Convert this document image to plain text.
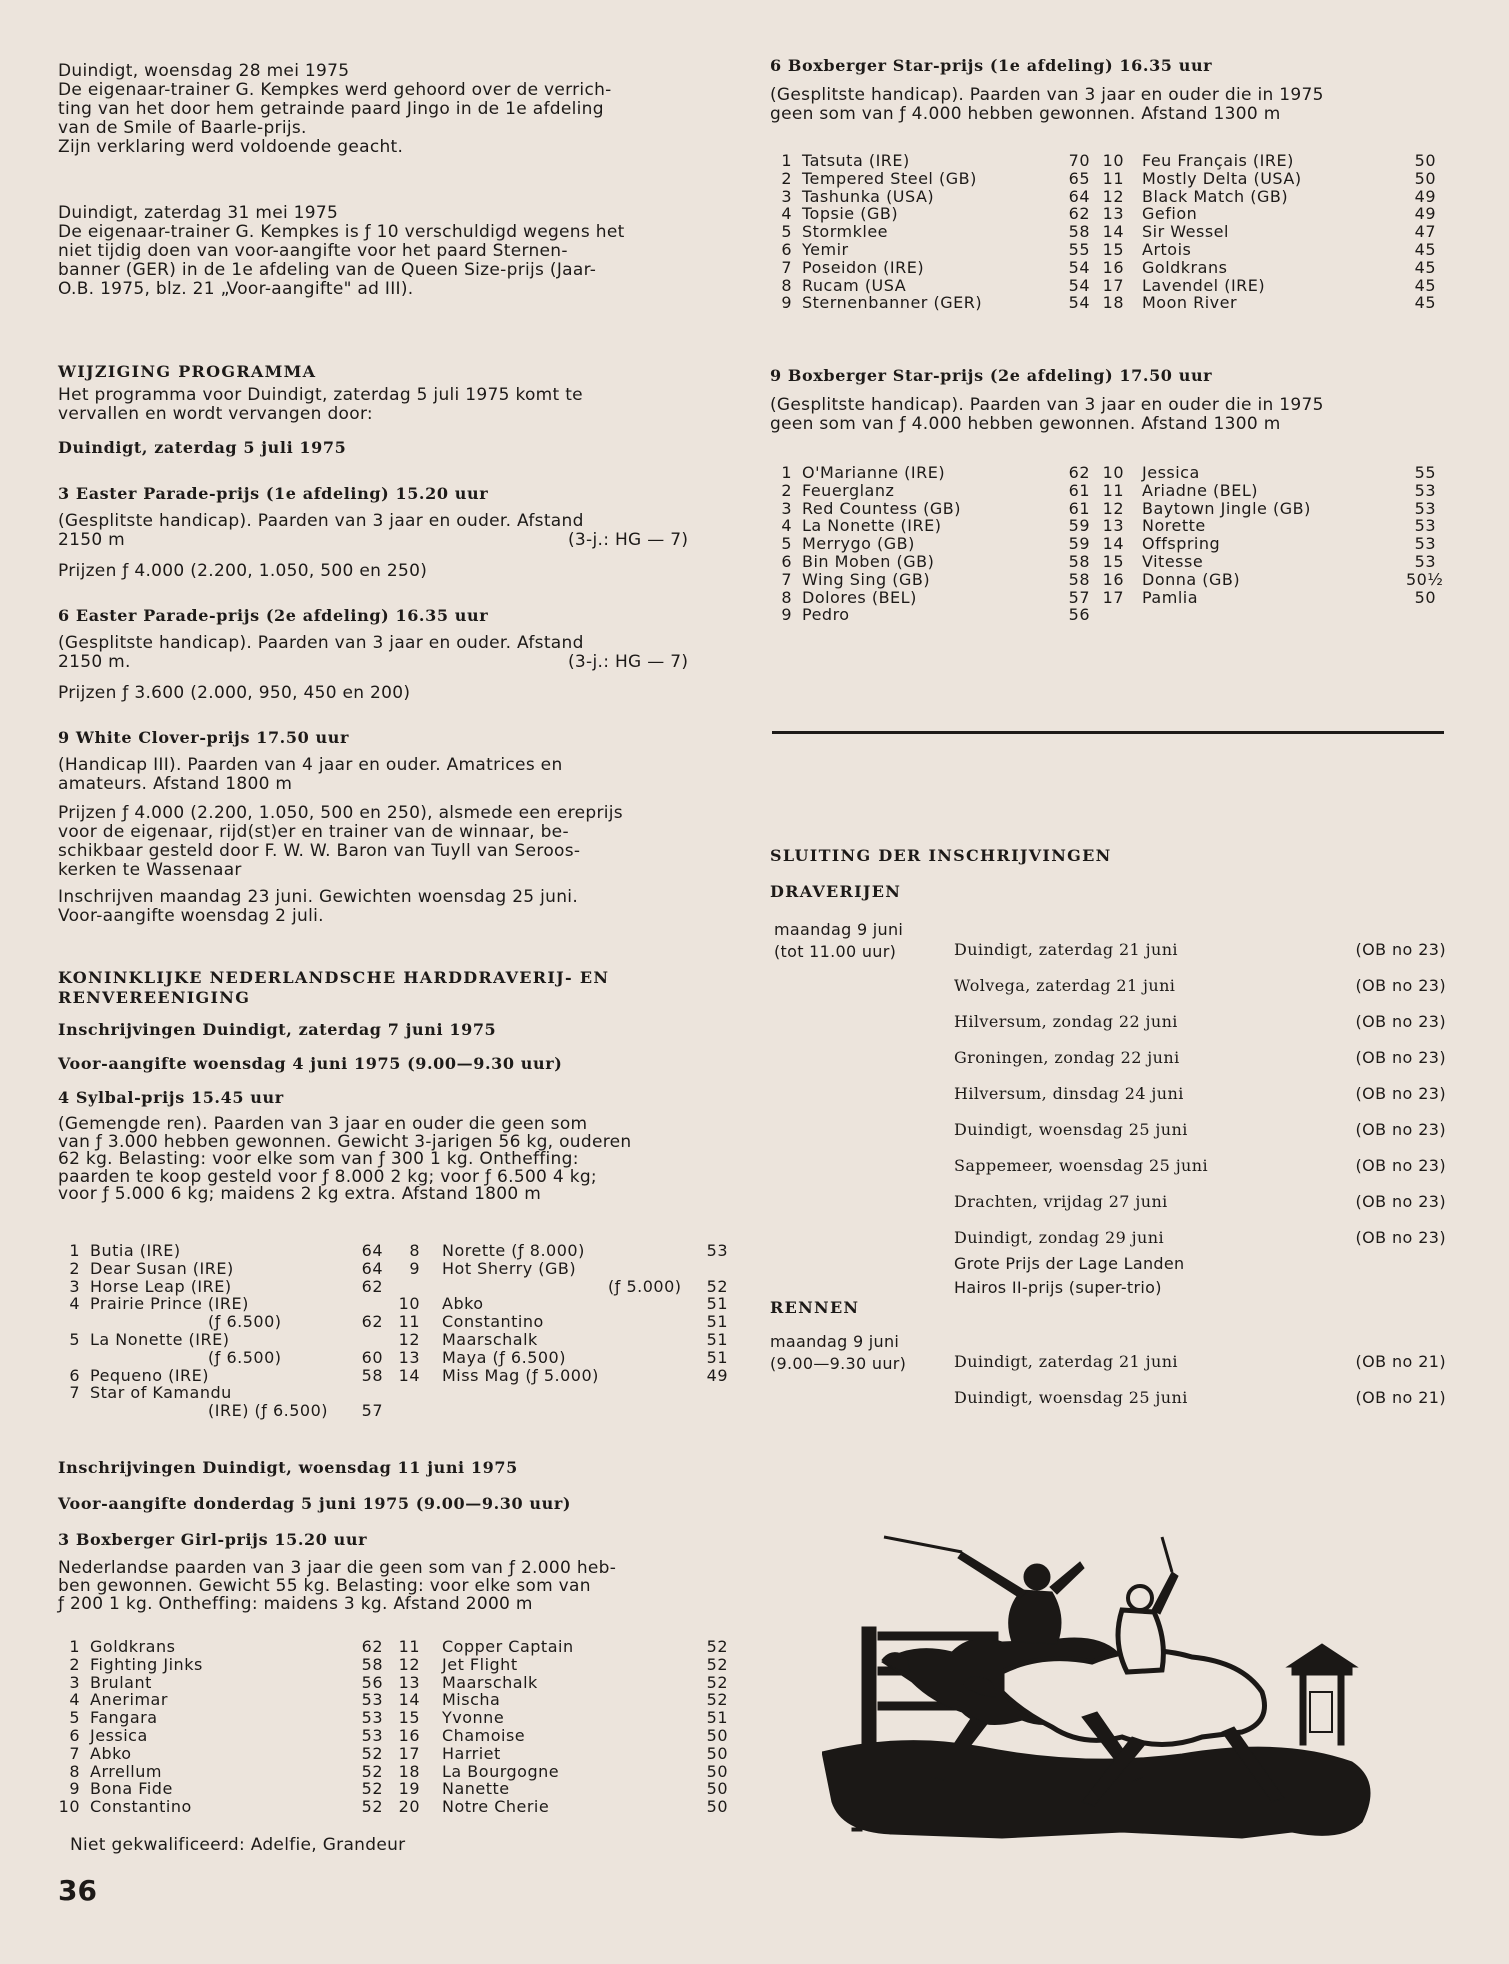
Duindigt, woensdag 28 mei 1975

De eigenaar-trainer G. Kempkes werd gehoord over de verrich-

ting van het door hem getrainde paard Jingo in de 1e afdeling

van de Smile of Baarle-prijs.

Zijn verklaring werd voldoende geacht.

Duindigt, zaterdag 31 mei 1975

De eigenaar-trainer G. Kempkes is ƒ 10 verschuldigd wegens het

niet tijdig doen van voor-aangifte voor het paard Sternen-

banner (GER) in de 1e afdeling van de Queen Size-prijs (Jaar-

O.B. 1975, blz. 21 „Voor-aangifte" ad III).

WIJZIGING PROGRAMMA

Het programma voor Duindigt, zaterdag 5 juli 1975 komt te

vervallen en wordt vervangen door:

Duindigt, zaterdag 5 juli 1975
3 Easter Parade-prijs (1e afdeling) 15.20 uur

(Gesplitste handicap). Paarden van 3 jaar en ouder. Afstand

2150 m	(3-j.: HG — 7)

Prijzen ƒ 4.000 (2.200, 1.050, 500 en 250)

6 Easter Parade-prijs (2e afdeling) 16.35 uur

(Gesplitste handicap). Paarden van 3 jaar en ouder. Afstand

2150 m.	(3-j.: HG — 7)

Prijzen ƒ 3.600 (2.000, 950, 450 en 200)

9 White Clover-prijs 17.50 uur

(Handicap III). Paarden van 4 jaar en ouder. Amatrices en

amateurs. Afstand 1800 m

Prijzen ƒ 4.000 (2.200, 1.050, 500 en 250), alsmede een ereprijs

voor de eigenaar, rijd(st)er en trainer van de winnaar, be-

schikbaar gesteld door F. W. W. Baron van Tuyll van Seroos-

kerken te Wassenaar

Inschrijven maandag 23 juni. Gewichten woensdag 25 juni.

Voor-aangifte woensdag 2 juli.

KONINKLIJKE NEDERLANDSCHE HARDDRAVERIJ- EN
RENVEREENIGING
Inschrijvingen Duindigt, zaterdag 7 juni 1975
Voor-aangifte woensdag 4 juni 1975 (9.00—9.30 uur)
4 Sylbal-prijs 15.45 uur

(Gemengde ren). Paarden van 3 jaar en ouder die geen som

van ƒ 3.000 hebben gewonnen. Gewicht 3-jarigen 56 kg, ouderen

62 kg. Belasting: voor elke som van ƒ 300 1 kg. Ontheffing:

paarden te koop gesteld voor ƒ 8.000 2 kg; voor ƒ 6.500 4 kg;

voor ƒ 5.000 6 kg; maidens 2 kg extra. Afstand 1800 m

1 Butia (IRE)	64
2 Dear Susan (IRE)	64
3 Horse Leap (IRE)	62
4 Prairie Prince (IRE)
(ƒ 6.500)	62
5 La Nonette (IRE)
(ƒ 6.500)	60
6 Pequeno (IRE)	58
7 Star of Kamandu
(IRE) (ƒ 6.500)	57
8 Norette (ƒ 8.000)	53
9 Hot Sherry (GB)
(ƒ 5.000)	52
10 Abko	51
11 Constantino	51
12 Maarschalk	51
13 Maya (ƒ 6.500)	51
14 Miss Mag (ƒ 5.000)	49
Inschrijvingen Duindigt, woensdag 11 juni 1975
Voor-aangifte donderdag 5 juni 1975 (9.00—9.30 uur)
3 Boxberger Girl-prijs 15.20 uur

Nederlandse paarden van 3 jaar die geen som van ƒ 2.000 heb-

ben gewonnen. Gewicht 55 kg. Belasting: voor elke som van

ƒ 200 1 kg. Ontheffing: maidens 3 kg. Afstand 2000 m

1 Goldkrans	62
2 Fighting Jinks	58
3 Brulant	56
4 Anerimar	53
5 Fangara	53
6 Jessica	53
7 Abko	52
8 Arrellum	52
9 Bona Fide	52
10 Constantino	52
11 Copper Captain	52
12 Jet Flight	52
13 Maarschalk	52
14 Mischa	52
15 Yvonne	51
16 Chamoise	50
17 Harriet	50
18 La Bourgogne	50
19 Nanette	50
20 Notre Cherie	50

Niet gekwalificeerd: Adelfie, Grandeur

36
6 Boxberger Star-prijs (1e afdeling) 16.35 uur

(Gesplitste handicap). Paarden van 3 jaar en ouder die in 1975

geen som van ƒ 4.000 hebben gewonnen. Afstand 1300 m

1 Tatsuta (IRE)	70
2 Tempered Steel (GB)	65
3 Tashunka (USA)	64
4 Topsie (GB)	62
5 Stormklee	58
6 Yemir	55
7 Poseidon (IRE)	54
8 Rucam (USA	54
9 Sternenbanner (GER)	54
10 Feu Français (IRE)	50
11 Mostly Delta (USA)	50
12 Black Match (GB)	49
13 Gefion	49
14 Sir Wessel	47
15 Artois	45
16 Goldkrans	45
17 Lavendel (IRE)	45
18 Moon River	45
9 Boxberger Star-prijs (2e afdeling) 17.50 uur

(Gesplitste handicap). Paarden van 3 jaar en ouder die in 1975

geen som van ƒ 4.000 hebben gewonnen. Afstand 1300 m

1 O'Marianne (IRE)	62
2 Feuerglanz	61
3 Red Countess (GB)	61
4 La Nonette (IRE)	59
5 Merrygo (GB)	59
6 Bin Moben (GB)	58
7 Wing Sing (GB)	58
8 Dolores (BEL)	57
9 Pedro	56
10 Jessica	55
11 Ariadne (BEL)	53
12 Baytown Jingle (GB)	53
13 Norette	53
14 Offspring	53
15 Vitesse	53
16 Donna (GB)	50½
17 Pamlia	50
SLUITING DER INSCHRIJVINGEN
DRAVERIJEN

maandag 9 juni

(tot 11.00 uur)	Duindigt, zaterdag 21 juni	(OB no 23)
Wolvega, zaterdag 21 juni	(OB no 23)
Hilversum, zondag 22 juni	(OB no 23)
Groningen, zondag 22 juni	(OB no 23)
Hilversum, dinsdag 24 juni	(OB no 23)
Duindigt, woensdag 25 juni	(OB no 23)
Sappemeer, woensdag 25 juni	(OB no 23)
Drachten, vrijdag 27 juni	(OB no 23)
Duindigt, zondag 29 juni	(OB no 23)

Grote Prijs der Lage Landen

Hairos II-prijs (super-trio)

RENNEN

maandag 9 juni

(9.00—9.30 uur)	Duindigt, zaterdag 21 juni	(OB no 21)
Duindigt, woensdag 25 juni	(OB no 21)
